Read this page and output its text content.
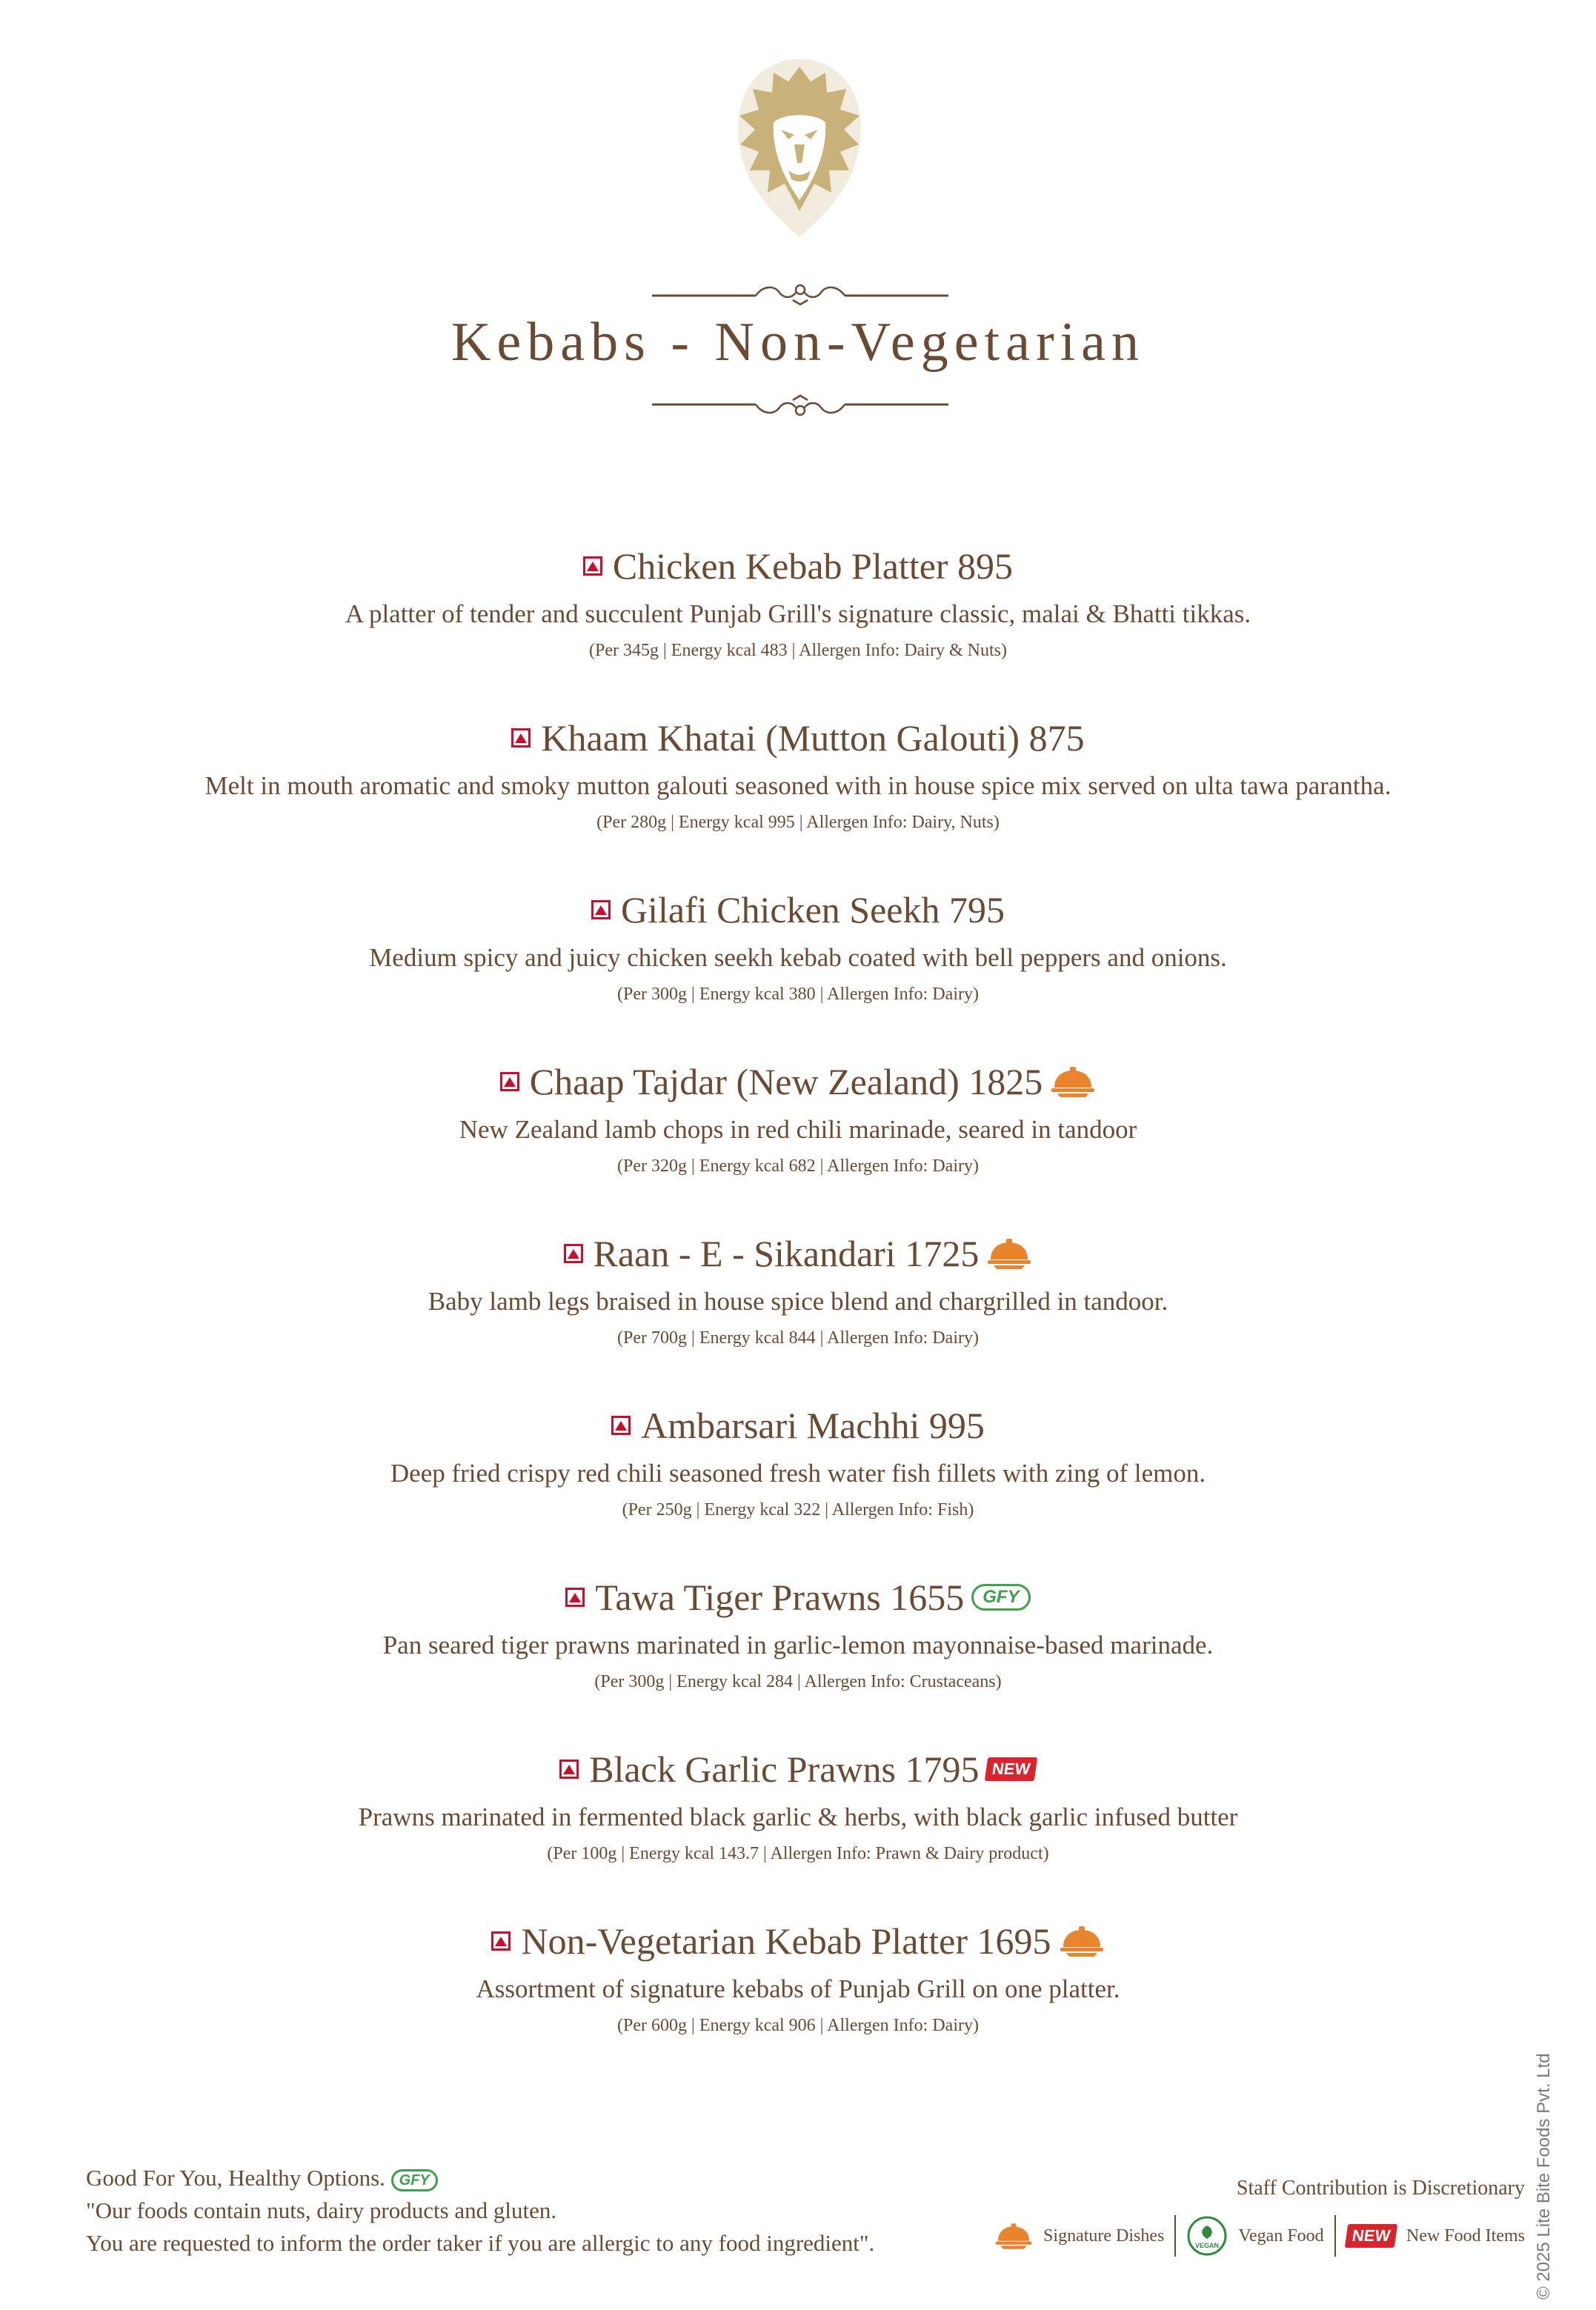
Kebabs - Non-Vegetarian
Chicken Kebab Platter 895
A platter of tender and succulent Punjab Grill's signature classic, malai & Bhatti tikkas.
(Per 345g | Energy kcal 483 | Allergen Info: Dairy & Nuts)
Khaam Khatai (Mutton Galouti) 875
Melt in mouth aromatic and smoky mutton galouti seasoned with in house spice mix served on ulta tawa parantha.
(Per 280g | Energy kcal 995 | Allergen Info: Dairy, Nuts)
Gilafi Chicken Seekh 795
Medium spicy and juicy chicken seekh kebab coated with bell peppers and onions.
(Per 300g | Energy kcal 380 | Allergen Info: Dairy)
Chaap Tajdar (New Zealand) 1825
New Zealand lamb chops in red chili marinade, seared in tandoor
(Per 320g | Energy kcal 682 | Allergen Info: Dairy)
Raan - E - Sikandari 1725
Baby lamb legs braised in house spice blend and chargrilled in tandoor.
(Per 700g | Energy kcal 844 | Allergen Info: Dairy)
Ambarsari Machhi 995
Deep fried crispy red chili seasoned fresh water fish fillets with zing of lemon.
(Per 250g | Energy kcal 322 | Allergen Info: Fish)
Tawa Tiger Prawns 1655	GFY
Pan seared tiger prawns marinated in garlic-lemon mayonnaise-based marinade.
(Per 300g | Energy kcal 284 | Allergen Info: Crustaceans)
Black Garlic Prawns 1795 NEW
Prawns marinated in fermented black garlic & herbs, with black garlic infused butter
(Per 100g | Energy kcal 143.7 | Allergen Info: Prawn & Dairy product)
Non-Vegetarian Kebab Platter 1695
Assortment of signature kebabs of Punjab Grill on one platter.
(Per 600g | Energy kcal 906 | Allergen Info: Dairy)
Good For You, Healthy Options. GFY
"Our foods contain nuts, dairy products and gluten.
You are requested to inform the order taker if you are allergic to any food ingredient".
Staff Contribution is Discretionary
Signature Dishes
VEGAN
Vegan Food	NEW New Food Items © 2025 Lite Bite Foods Pvt. Ltd
